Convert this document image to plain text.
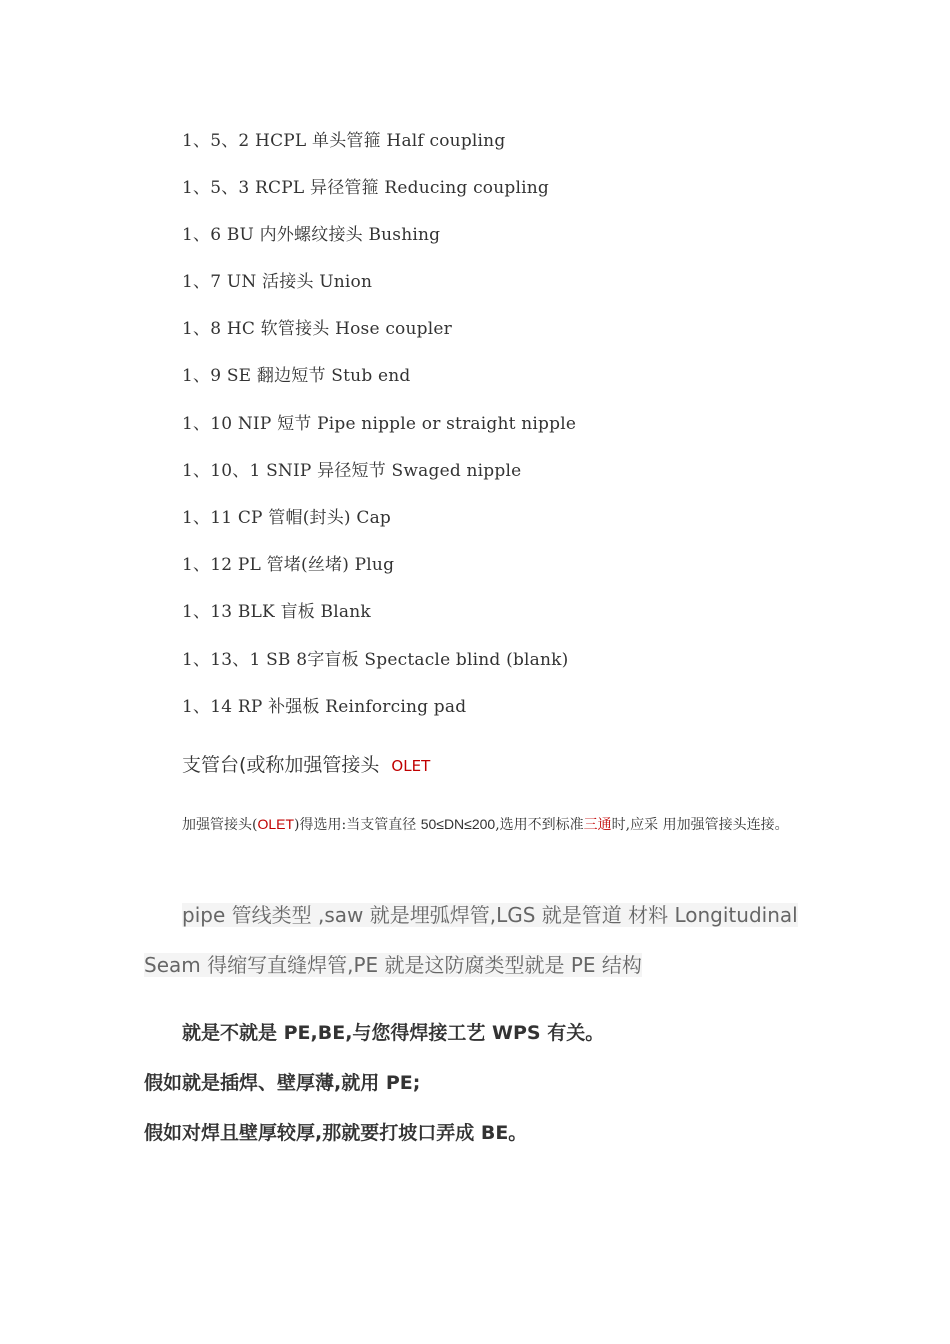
1、5、2 HCPL 单头管箍 Half coupling
1、5、3 RCPL 异径管箍 Reducing coupling
1、6 BU 内外螺纹接头 Bushing
1、7 UN 活接头 Union
1、8 HC 软管接头 Hose coupler
1、9 SE 翻边短节 Stub end
1、10 NIP 短节 Pipe nipple or straight nipple
1、10、1 SNIP 异径短节 Swaged nipple
1、11 CP 管帽(封头) Cap
1、12 PL 管堵(丝堵) Plug
1、13 BLK 盲板 Blank
1、13、1 SB 8字盲板 Spectacle blind (blank)
1、14 RP 补强板 Reinforcing pad
支管台(或称加强管接头 OLET
加强管接头(OLET)得选用:当支管直径 50≤DN≤200,选用不到标准三通时,应采 用加强管接头连接。
pipe 管线类型 ,saw 就是埋弧焊管,LGS 就是管道 材料 Longitudinal Seam 得缩写直缝焊管,PE 就是这防腐类型就是 PE 结构
就是不就是 PE,BE,与您得焊接工艺 WPS 有关。
假如就是插焊、壁厚薄,就用 PE;
假如对焊且壁厚较厚,那就要打坡口弄成 BE。
